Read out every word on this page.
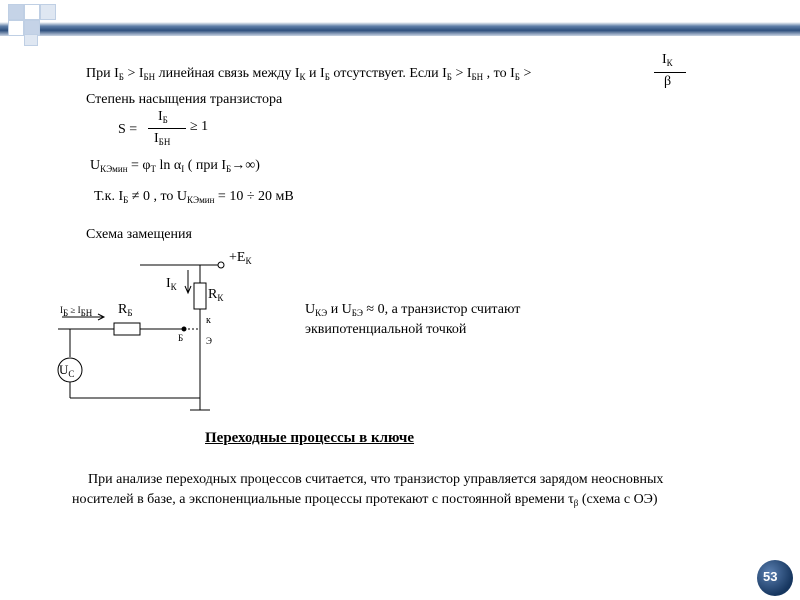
При $I_Б > I_{БН}$ линейная связь между $I_К$ и $I_Б$ отсутствует. Если $I_Б > I_{БН}$ , то $I_Б$ >
$I_К$
β
Степень насыщения транзистора
S =
$I_Б$
$I_{БН}$
≥ 1
$U_{КЭмин} = \varphi_Т$ $\ln \alpha_I$ ( при $I_Б\to\infty$)
Т.к. $I_Б \ne 0$ , то $U_{КЭмин} = 10 \div 20$ мВ
Схема замещения
$+E_К$
$I_К$ $R_К$
$R_Б$
к
Б	Э
$I_Б \ge I_{БН}$
$U_С$
$U_{КЭ}$ и $U_{БЭ} \approx 0$, а транзистор считают
эквипотенциальной точкой
Переходные процессы в ключе
При анализе переходных процессов считается, что транзистор управляется зарядом неосновных носителей в базе, а экспоненциальные процессы протекают с постоянной времени $\tau_\beta$ (схема с ОЭ)
53
